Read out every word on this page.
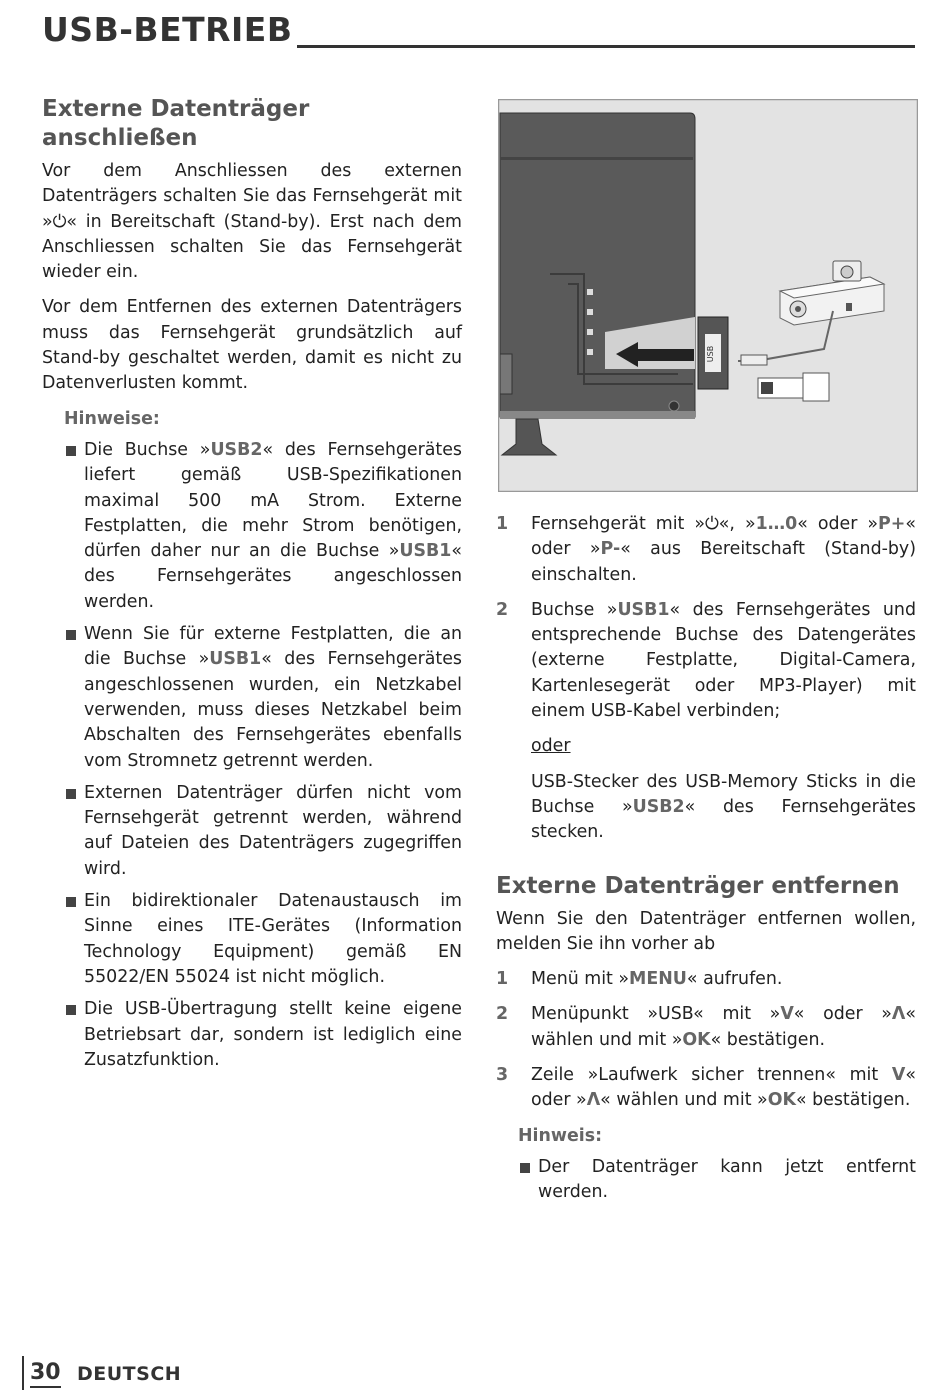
USB-BETRIEB
Externe Datenträger anschließen

Vor dem Anschliessen des externen Datenträgers schalten Sie das Fernsehgerät mit »⏻« in Bereitschaft (Stand-by). Erst nach dem Anschliessen schalten Sie das Fernsehgerät wieder ein.

Vor dem Entfernen des externen Datenträgers muss das Fernsehgerät grundsätzlich auf Stand-by geschaltet werden, damit es nicht zu Datenverlusten kommt.

Hinweise:
Die Buchse »USB2« des Fernsehgerätes liefert gemäß USB-Spezifikationen maximal 500 mA Strom. Externe Festplatten, die mehr Strom benötigen, dürfen daher nur an die Buchse »USB1« des Fernsehgerätes angeschlossen werden.
Wenn Sie für externe Festplatten, die an die Buchse »USB1« des Fernsehgerätes angeschlossenen wurden, ein Netzkabel verwenden, muss dieses Netzkabel beim Abschalten des Fernsehgerätes ebenfalls vom Stromnetz getrennt werden.
Externen Datenträger dürfen nicht vom Fernsehgerät getrennt werden, während auf Dateien des Datenträgers zugegriffen wird.
Ein bidirektionaler Datenaustausch im Sinne eines ITE-Gerätes (Information Technology Equipment) gemäß EN 55022/EN 55024 ist nicht möglich.
Die USB-Übertragung stellt keine eigene Betriebsart dar, sondern ist lediglich eine Zusatzfunktion.
USB
1 Fernsehgerät mit »⏻«, »1…0« oder »P+« oder »P-« aus Bereitschaft (Stand-by) einschalten.
2 Buchse »USB1« des Fernsehgerätes und entsprechende Buchse des Datengerätes (externe Festplatte, Digital-Camera, Kartenlesegerät oder MP3-Player) mit einem USB-Kabel verbinden;
oder

USB-Stecker des USB-Memory Sticks in die Buchse »USB2« des Fernsehgerätes stecken.

Externe Datenträger entfernen

Wenn Sie den Datenträger entfernen wollen, melden Sie ihn vorher ab

1 Menü mit »MENU« aufrufen.
2 Menüpunkt »USB« mit »V« oder »Λ« wählen und mit »OK« bestätigen.
3 Zeile »Laufwerk sicher trennen« mit V« oder »Λ« wählen und mit »OK« bestätigen.
Hinweis:
Der Datenträger kann jetzt entfernt werden.
30 DEUTSCH
